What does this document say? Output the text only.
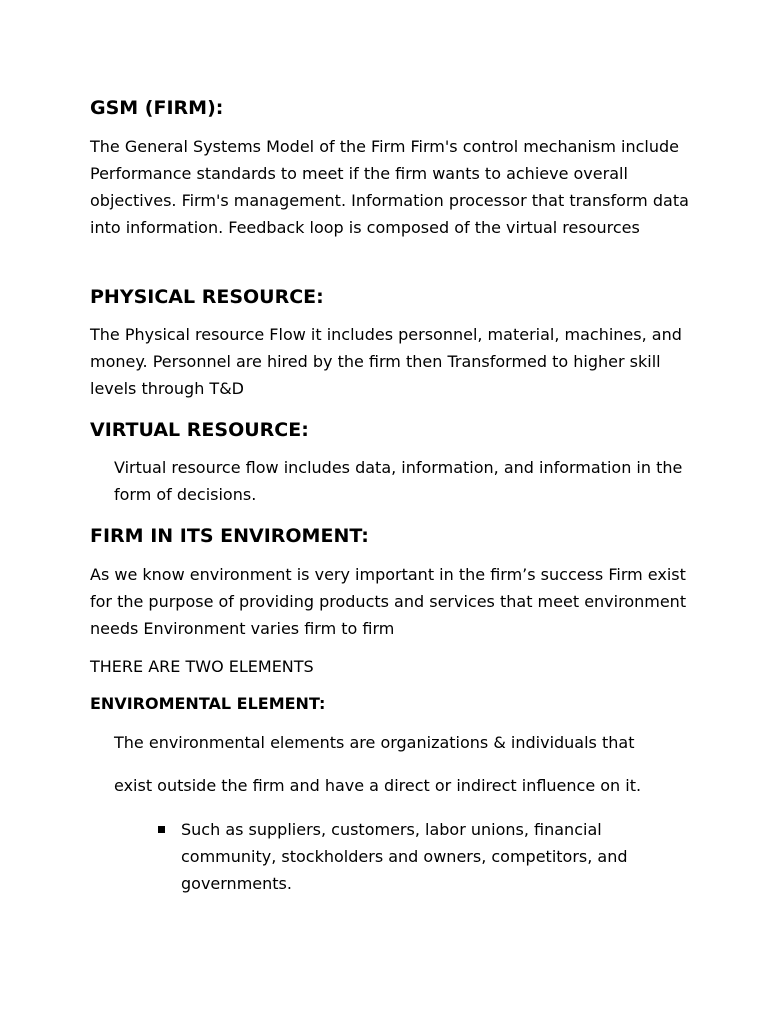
GSM (FIRM):

The General Systems Model of the Firm Firm's control mechanism include Performance standards to meet if the firm wants to achieve overall objectives. Firm's management. Information processor that transform data into information. Feedback loop is composed of the virtual resources

PHYSICAL RESOURCE:

The Physical resource Flow it includes personnel, material, machines, and money. Personnel are hired by the firm then Transformed to higher skill levels through T&D

VIRTUAL RESOURCE:

Virtual resource flow includes data, information, and information in the form of decisions.

FIRM IN ITS ENVIROMENT:

As we know environment is very important in the firm’s success Firm exist for the purpose of providing products and services that meet environment needs Environment varies firm to firm

THERE ARE TWO ELEMENTS

ENVIROMENTAL ELEMENT:

The environmental elements are organizations & individuals that

exist outside the firm and have a direct or indirect influence on it.

Such as suppliers, customers, labor unions, financial community, stockholders and owners, competitors, and governments.
